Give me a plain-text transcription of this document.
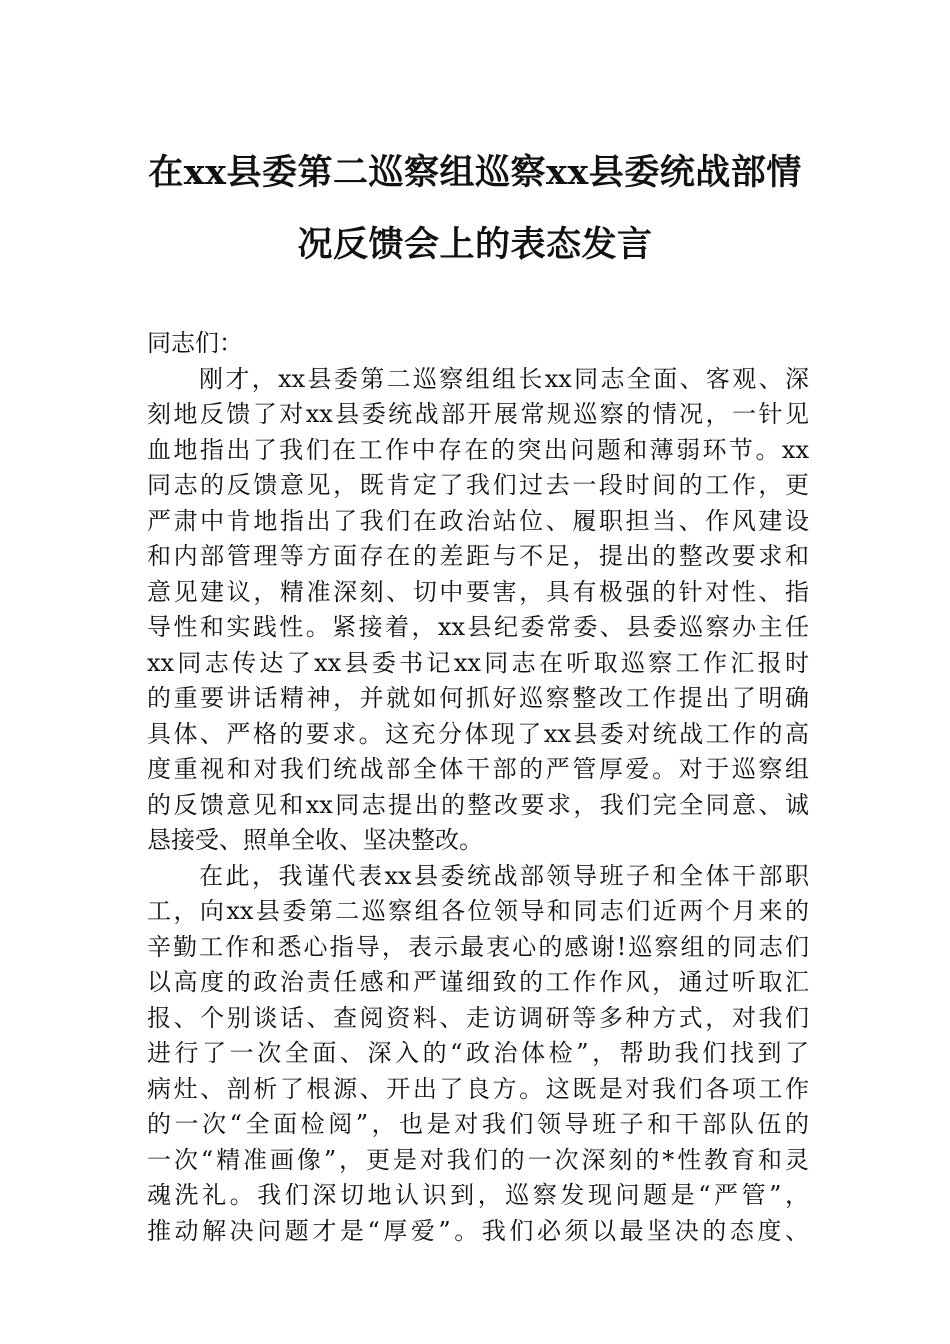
在xx县委第二巡察组巡察xx县委统战部情

况反馈会上的表态发言

同志们：

刚才，xx县委第二巡察组组长xx同志全面、客观、深

刻地反馈了对xx县委统战部开展常规巡察的情况，一针见

血地指出了我们在工作中存在的突出问题和薄弱环节。xx

同志的反馈意见，既肯定了我们过去一段时间的工作，更

严肃中肯地指出了我们在政治站位、履职担当、作风建设

和内部管理等方面存在的差距与不足，提出的整改要求和

意见建议，精准深刻、切中要害，具有极强的针对性、指

导性和实践性。紧接着，xx县纪委常委、县委巡察办主任

xx同志传达了xx县委书记xx同志在听取巡察工作汇报时

的重要讲话精神，并就如何抓好巡察整改工作提出了明确

具体、严格的要求。这充分体现了xx县委对统战工作的高

度重视和对我们统战部全体干部的严管厚爱。对于巡察组

的反馈意见和xx同志提出的整改要求，我们完全同意、诚

恳接受、照单全收、坚决整改。

在此，我谨代表xx县委统战部领导班子和全体干部职

工，向xx县委第二巡察组各位领导和同志们近两个月来的

辛勤工作和悉心指导，表示最衷心的感谢!巡察组的同志们

以高度的政治责任感和严谨细致的工作作风，通过听取汇

报、个别谈话、查阅资料、走访调研等多种方式，对我们

进行了一次全面、深入的“政治体检”，帮助我们找到了

病灶、剖析了根源、开出了良方。这既是对我们各项工作

的一次“全面检阅”，也是对我们领导班子和干部队伍的

一次“精准画像”，更是对我们的一次深刻的*性教育和灵

魂洗礼。我们深切地认识到，巡察发现问题是“严管”，

推动解决问题才是“厚爱”。我们必须以最坚决的态度、
